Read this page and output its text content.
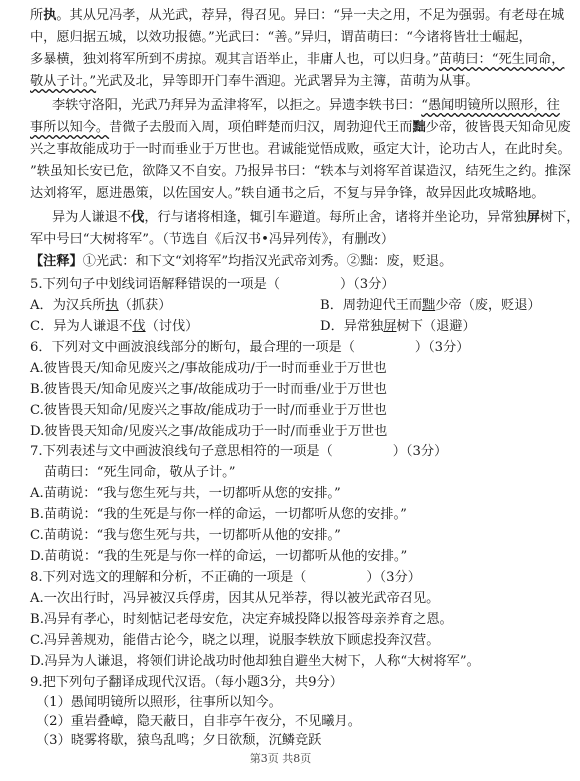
所执。其从兄冯孝，从光武，荐异，得召见。异曰：“异一夫之用，不足为强弱。有老母在城
中，愿归据五城，以效功报德。”光武曰：“善。”异归，谓苗萌曰：“今诸将皆壮士崛起，
多暴横，独刘将军所到不虏掠。观其言语举止，非庸人也，可以归身。”苗萌曰：“死生同命，
敬从子计。”光武及北，异等即开门奉牛酒迎。光武署异为主簿，苗萌为从事。
李轶守洛阳，光武乃拜异为孟津将军，以拒之。异遗李轶书曰：“愚闻明镜所以照形，往
事所以知今。昔微子去殷而入周，项伯畔楚而归汉，周勃迎代王而黜少帝，彼皆畏天知命见废
兴之事故能成功于一时而垂业于万世也。君诚能觉悟成败，亟定大计，论功古人，在此时矣。
”轶虽知长安已危，欲降又不自安。乃报异书曰：“轶本与刘将军首谋造汉，结死生之约。推深
达刘将军，愿进愚策，以佐国安人。”轶自通书之后，不复与异争锋，故异因此攻城略地。
异为人谦退不伐，行与诸将相逢，辄引车避道。每所止舍，诸将并坐论功，异常独屏树下，
军中号曰“大树将军”。（节选自《后汉书•冯异列传》，有删改）
【注释】①光武：和下文“刘将军”均指汉光武帝刘秀。②黜：废，贬退。
5.下列句子中划线词语解释错误的一项是（	）（3分）
A．为汉兵所执（抓获）	B．周勃迎代王而黜少帝（废，贬退）
C．异为人谦退不伐（讨伐）	D．异常独屏树下（退避）
6．下列对文中画波浪线部分的断句，最合理的一项是（	）（3分）
A.彼皆畏天/知命见废兴之/事故能成功/于一时而垂业于万世也
B.彼皆畏天/知命见废兴之事/故能成功于一时而垂/业于万世也
C.彼皆畏天知命/见废兴之事故/能成功于一时/而垂业于万世也
D.彼皆畏天知命/见废兴之事/故能成功于一时/而垂业于万世也
7.下列表述与文中画波浪线句子意思相符的一项是（	）（3分）
苗萌曰：“死生同命，敬从子计。”
A.苗萌说：“我与您生死与共，一切都听从您的安排。”
B.苗萌说：“我的生死是与你一样的命运，一切都听从您的安排。”
C.苗萌说：“我与您生死与共，一切都听从他的安排。”
D.苗萌说：“我的生死是与你一样的命运，一切都听从他的安排。”
8.下列对选文的理解和分析，不正确的一项是（	）（3分）
A.一次出行时，冯异被汉兵俘虏，因其从兄举荐，得以被光武帝召见。
B.冯异有孝心，时刻惦记老母安危，决定弃城投降以报答母亲养育之恩。
C.冯异善规劝，能借古论今，晓之以理，说服李轶放下顾虑投奔汉营。
D.冯异为人谦退，将领们讲论战功时他却独自避坐大树下，人称“大树将军”。
9.把下列句子翻译成现代汉语。（每小题3分，共9分）
（1）愚闻明镜所以照形，往事所以知今。
第3页 共8页
（2）重岩叠嶂，隐天蔽日，自非亭午夜分，不见曦月。
（3）晓雾将歇，猿鸟乱鸣；夕日欲颓，沉鳞竞跃
